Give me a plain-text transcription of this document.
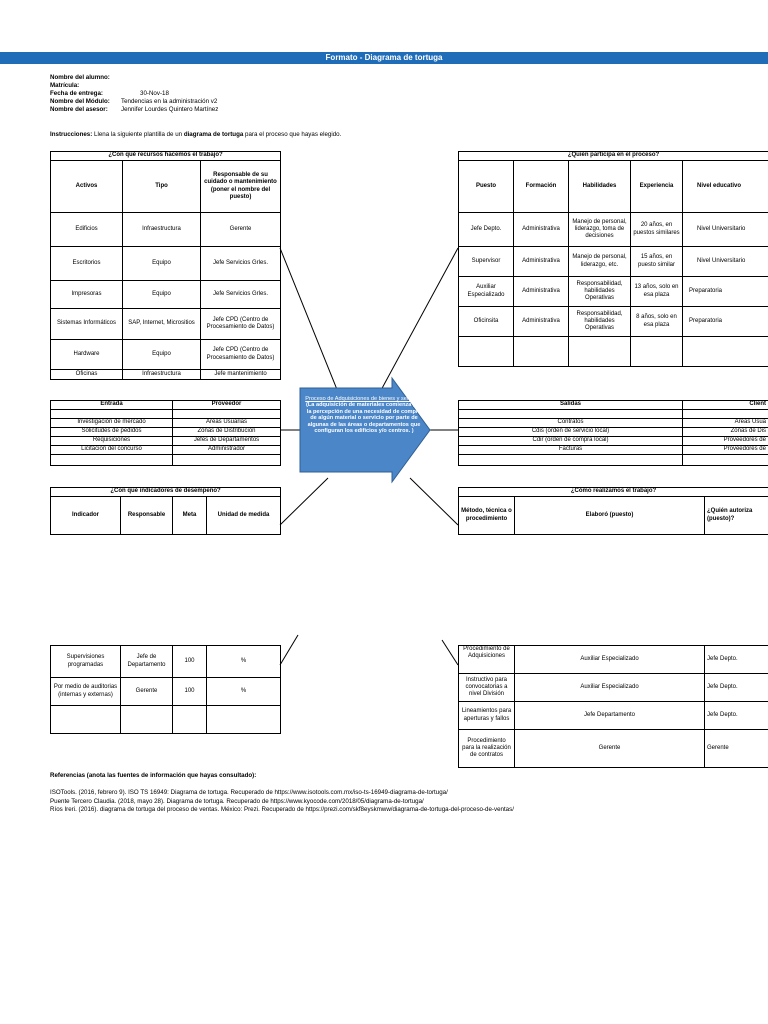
Formato - Diagrama de tortuga
Nombre del alumno:
Matrícula:
Fecha de entrega:	30-Nov-18
Nombre del Módulo: Tendencias en la administración v2
Nombre del asesor: Jennifer Lourdes Quintero Martínez
Instrucciones: Llena la siguiente plantilla de un diagrama de tortuga para el proceso que hayas elegido.
Proceso de Adquisiciones de bienes y servicios
(La adquisición de materiales comienza por la percepción de una necesidad de compra de algún material o servicio por parte de algunas de las áreas o departamentos que configuran los edificios y/o centros. )
¿Con qué recursos hacemos el trabajo?		
Activos	Tipo	Responsable de su cuidado o mantenimiento (poner el nombre del puesto)
Edificios	Infraestructura	Gerente
Escritorios	Equipo	Jefe Servicios Grles.
Impresoras	Equipo	Jefe Servicios Grles.
Sistemas Informáticos	SAP, Internet, Micrositios	Jefe CPD (Centro de Procesamiento de Datos)
Hardware	Equipo	Jefe CPD (Centro de Procesamiento de Datos)
Oficinas	Infraestructura	Jefe mantenimiento
¿Quién participa en el proceso?				
Puesto	Formación	Habilidades	Experiencia	Nivel educativo
Jefe Depto.	Administrativa	Manejo de personal, liderazgo, toma de decisiones	20 años, en puestos similares	Nivel Universitario
Supervisor	Administrativa	Manejo de personal, liderazgo, etc.	15 años, en puesto similar	Nivel Universitario
Auxiliar Especializado	Administrativa	Responsabilidad, habilidades Operativas	13 años, solo en esa plaza	Preparatoria
Oficinsita	Administrativa	Responsabilidad, habilidades Operativas	8 años, solo en esa plaza	Preparatoria

Entrada	Proveedor

Investigación de mercado	Áreas Usuarias
Solicitudes de pedidos	Zonas de Distribución
Requisiciones	Jefes de Departamentos
Licitacion del concurso	Administrador

Salidas	Client

Contratos	Áreas Usua
Cdis (orden de servicio local)	Zonas de Dis
Cdir (orden de compra local)	Proveedores de
Facturas	Proveedores de

¿Con qué indicadores de desempeño?
Indicador	Responsable	Meta	Unidad de medida
Supervisiones programadas	Jefe de Departamento	100	%
Por medio de auditorias (internas y externas)	Gerente	100	%

¿Cómo realizamos el trabajo?
Método, técnica o procedimiento	Elaboró (puesto)	¿Quién autoriza (puesto)?
Procedimiento de Adquisiciones	Auxiliar Especializado	Jefe Depto.
Instructivo para convocatorias a nivel División	Auxiliar Especializado	Jefe Depto.
Lineamientos para aperturas y fallos	Jefe Departamento	Jefe Depto.
Procedimiento para la realización de contratos	Gerente	Gerente
Referencias (anota las fuentes de información que hayas consultado):
ISOTools. (2016, febrero 9). ISO TS 16949: Diagrama de tortuga. Recuperado de https://www.isotools.com.mx/iso-ts-16949-diagrama-de-tortuga/
Puente Tercero Claudia. (2018, mayo 28). Diagrama de tortuga. Recuperado de https://www.kyocode.com/2018/05/diagrama-de-tortuga/
Ríos Ireri. (2016). diagrama de tortuga del proceso de ventas. México: Prezi. Recuperado de https://prezi.com/skf8eyskmww/diagrama-de-tortuga-del-proceso-de-ventas/
